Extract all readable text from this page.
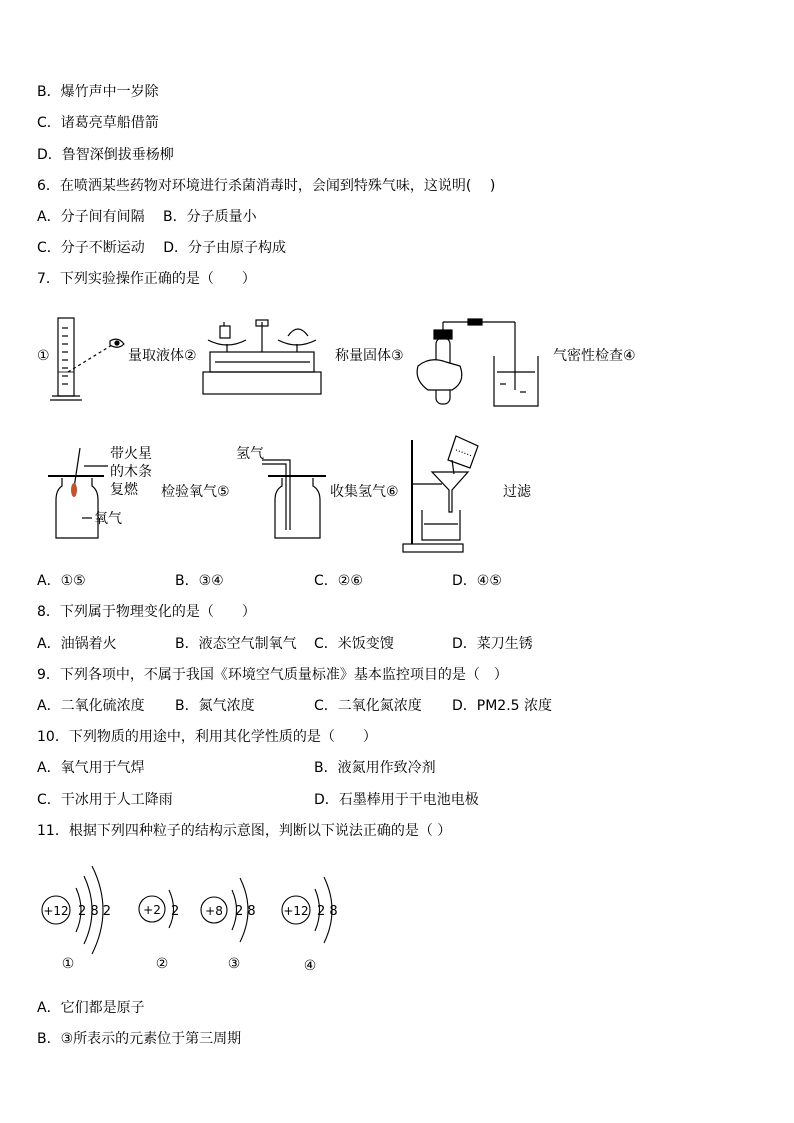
B．爆竹声中一岁除
C．诸葛亮草船借箭
D．鲁智深倒拔垂杨柳
6．在喷洒某些药物对环境进行杀菌消毒时，会闻到特殊气味，这说明(　 )
A．分子间有间隔　 B．分子质量小
C．分子不断运动　 D．分子由原子构成
7．下列实验操作正确的是（　　）
①	量取液体②	称量固体③	气密性检查④
带火星
的木条
复燃
氧气
检验氧气⑤
氢气
收集氢气⑥	过滤
A．①⑤	B．③④	C．②⑥	D．④⑤
8．下列属于物理变化的是（　　）
A．油锅着火	B．液态空气制氧气 C．米饭变馊	D．菜刀生锈
9．下列各项中，不属于我国《环境空气质量标准》基本监控项目的是（　）
A．二氧化硫浓度 B．氮气浓度	C．二氧化氮浓度 D．PM2.5 浓度
10．下列物质的用途中，利用其化学性质的是（　　）
A．氧气用于气焊	B．液氮用作致冷剂
C．干冰用于人工降雨	D．石墨棒用于干电池电极
11．根据下列四种粒子的结构示意图，判断以下说法正确的是（ ）
+12 2 8 2
①
+2 2
②
+8 2 8
③
+12 2 8
④
A．它们都是原子
B．③所表示的元素位于第三周期
